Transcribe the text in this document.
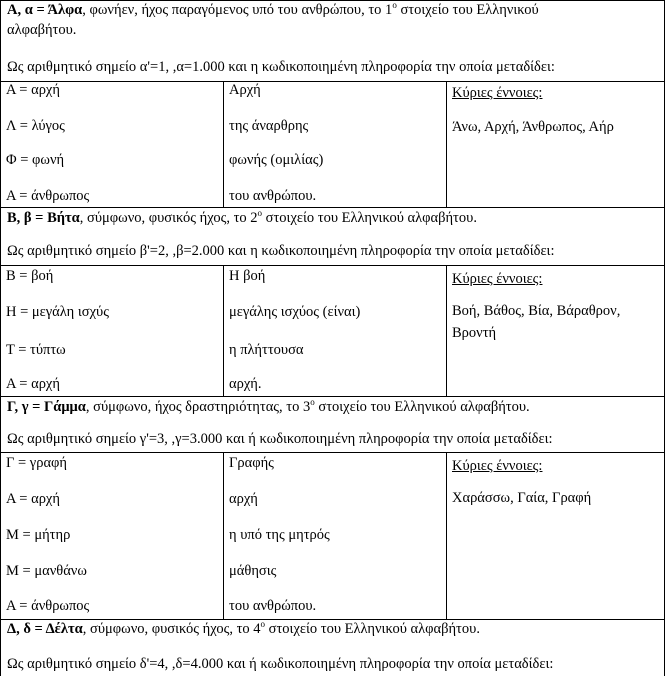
Α, α = Άλφα, φωνήεν, ήχος παραγόμενος υπό του ανθρώπου, το $1^o$ στοιχείο του Ελληνικού
αλφαβήτου.
Ως αριθμητικό σημείο α'=1, ,α=1.000 και η κωδικοποιημένη πληροφορία την οποία μεταδίδει:
Α = αρχή
Λ = λύγος
Φ = φωνή
Α = άνθρωπος
Αρχή
της άναρθρης
φωνής (ομιλίας)
του ανθρώπου.
Κύριες έννοιες:
Άνω, Αρχή, Άνθρωπος, Αήρ
Β, β = Βήτα, σύμφωνο, φυσικός ήχος, το $2^o$ στοιχείο του Ελληνικού αλφαβήτου.
Ως αριθμητικό σημείο β'=2, ,β=2.000 και η κωδικοποιημένη πληροφορία την οποία μεταδίδει:
Β = βοή
Η = μεγάλη ισχύς
Τ = τύπτω
Α = αρχή
Η βοή
μεγάλης ισχύος (είναι)
η πλήττουσα
αρχή.
Κύριες έννοιες:
Βοή, Βάθος, Βία, Βάραθρον, Βροντή
Γ, γ = Γάμμα, σύμφωνο, ήχος δραστηριότητας, το $3^o$ στοιχείο του Ελληνικού αλφαβήτου.
Ως αριθμητικό σημείο γ'=3, ,γ=3.000 και ή κωδικοποιημένη πληροφορία την οποία μεταδίδει:
Γ = γραφή
Α = αρχή
Μ = μήτηρ
Μ = μανθάνω
Α = άνθρωπος
Γραφής
αρχή
η υπό της μητρός
μάθησις
του ανθρώπου.
Κύριες έννοιες:
Χαράσσω, Γαία, Γραφή
Δ, δ = Δέλτα, σύμφωνο, φυσικός ήχος, το $4^o$ στοιχείο του Ελληνικού αλφαβήτου.
Ως αριθμητικό σημείο δ'=4, ,δ=4.000 και ή κωδικοποιημένη πληροφορία την οποία μεταδίδει:
